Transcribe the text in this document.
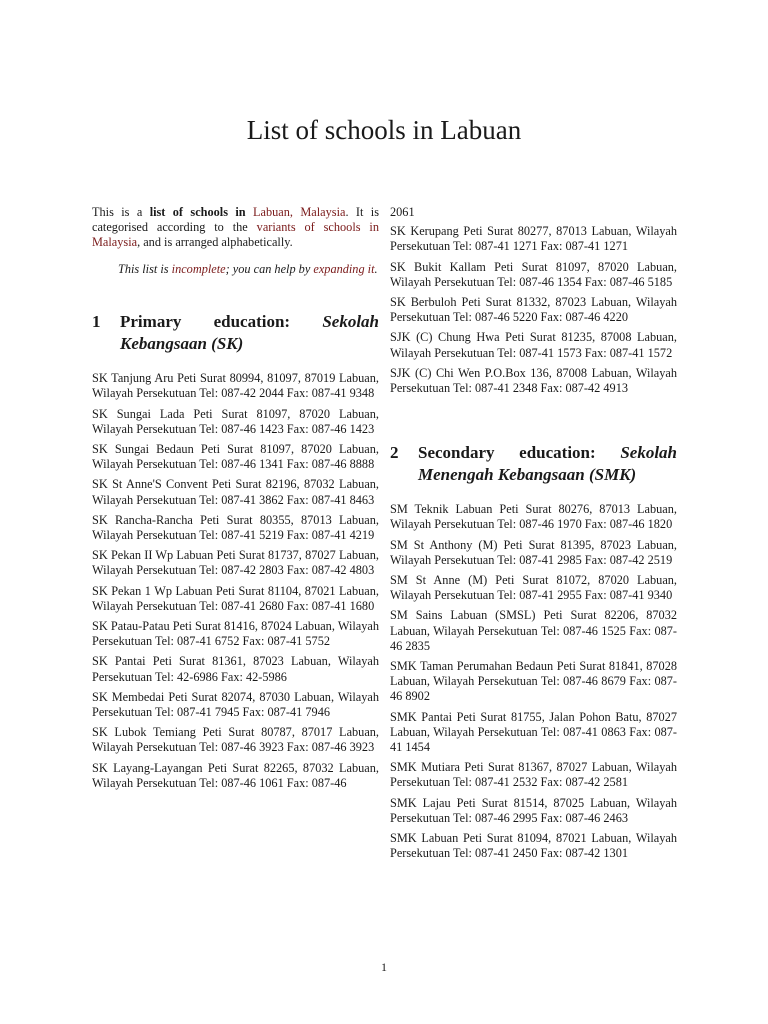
List of schools in Labuan

This is a list of schools in Labuan, Malaysia. It is categorised according to the variants of schools in Malaysia, and is arranged alphabetically.

This list is incomplete; you can help by expanding it.

1	Primary education: Sekolah Kebangsaan (SK)

SK Tanjung Aru Peti Surat 80994, 81097, 87019 Labuan, Wilayah Persekutuan Tel: 087-42 2044 Fax: 087-41 9348

SK Sungai Lada Peti Surat 81097, 87020 Labuan, Wilayah Persekutuan Tel: 087-46 1423 Fax: 087-46 1423

SK Sungai Bedaun Peti Surat 81097, 87020 Labuan, Wilayah Persekutuan Tel: 087-46 1341 Fax: 087-46 8888

SK St Anne'S Convent Peti Surat 82196, 87032 Labuan, Wilayah Persekutuan Tel: 087-41 3862 Fax: 087-41 8463

SK Rancha-Rancha Peti Surat 80355, 87013 Labuan, Wilayah Persekutuan Tel: 087-41 5219 Fax: 087-41 4219

SK Pekan II Wp Labuan Peti Surat 81737, 87027 Labuan, Wilayah Persekutuan Tel: 087-42 2803 Fax: 087-42 4803

SK Pekan 1 Wp Labuan Peti Surat 81104, 87021 Labuan, Wilayah Persekutuan Tel: 087-41 2680 Fax: 087-41 1680

SK Patau-Patau Peti Surat 81416, 87024 Labuan, Wilayah Persekutuan Tel: 087-41 6752 Fax: 087-41 5752

SK Pantai Peti Surat 81361, 87023 Labuan, Wilayah Persekutuan Tel: 42-6986 Fax: 42-5986

SK Membedai Peti Surat 82074, 87030 Labuan, Wilayah Persekutuan Tel: 087-41 7945 Fax: 087-41 7946

SK Lubok Temiang Peti Surat 80787, 87017 Labuan, Wilayah Persekutuan Tel: 087-46 3923 Fax: 087-46 3923

SK Layang-Layangan Peti Surat 82265, 87032 Labuan, Wilayah Persekutuan Tel: 087-46 1061 Fax: 087-46

2061

SK Kerupang Peti Surat 80277, 87013 Labuan, Wilayah Persekutuan Tel: 087-41 1271 Fax: 087-41 1271

SK Bukit Kallam Peti Surat 81097, 87020 Labuan, Wilayah Persekutuan Tel: 087-46 1354 Fax: 087-46 5185

SK Berbuloh Peti Surat 81332, 87023 Labuan, Wilayah Persekutuan Tel: 087-46 5220 Fax: 087-46 4220

SJK (C) Chung Hwa Peti Surat 81235, 87008 Labuan, Wilayah Persekutuan Tel: 087-41 1573 Fax: 087-41 1572

SJK (C) Chi Wen P.O.Box 136, 87008 Labuan, Wilayah Persekutuan Tel: 087-41 2348 Fax: 087-42 4913

2	Secondary education: Sekolah Menengah Kebangsaan (SMK)

SM Teknik Labuan Peti Surat 80276, 87013 Labuan, Wilayah Persekutuan Tel: 087-46 1970 Fax: 087-46 1820

SM St Anthony (M) Peti Surat 81395, 87023 Labuan, Wilayah Persekutuan Tel: 087-41 2985 Fax: 087-42 2519

SM St Anne (M) Peti Surat 81072, 87020 Labuan, Wilayah Persekutuan Tel: 087-41 2955 Fax: 087-41 9340

SM Sains Labuan (SMSL) Peti Surat 82206, 87032 Labuan, Wilayah Persekutuan Tel: 087-46 1525 Fax: 087-46 2835

SMK Taman Perumahan Bedaun Peti Surat 81841, 87028 Labuan, Wilayah Persekutuan Tel: 087-46 8679 Fax: 087-46 8902

SMK Pantai Peti Surat 81755, Jalan Pohon Batu, 87027 Labuan, Wilayah Persekutuan Tel: 087-41 0863 Fax: 087-41 1454

SMK Mutiara Peti Surat 81367, 87027 Labuan, Wilayah Persekutuan Tel: 087-41 2532 Fax: 087-42 2581

SMK Lajau Peti Surat 81514, 87025 Labuan, Wilayah Persekutuan Tel: 087-46 2995 Fax: 087-46 2463

SMK Labuan Peti Surat 81094, 87021 Labuan, Wilayah Persekutuan Tel: 087-41 2450 Fax: 087-42 1301

1
